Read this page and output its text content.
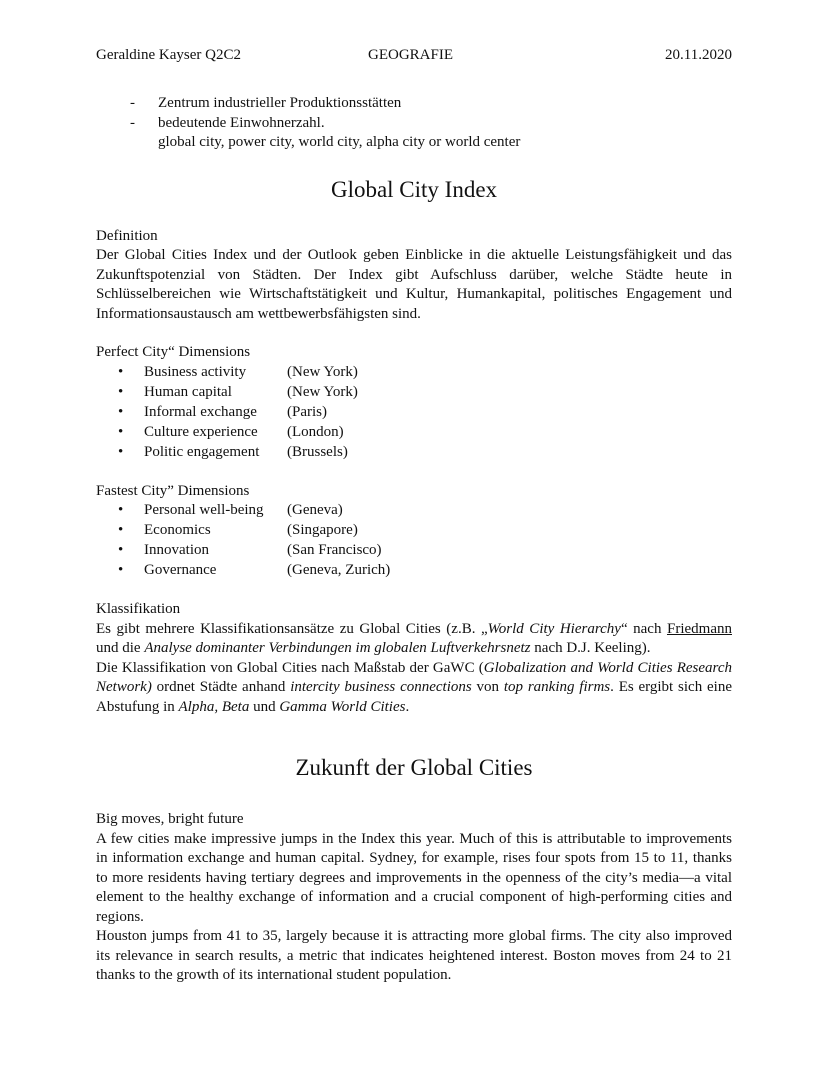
Geraldine Kayser Q2C2	GEOGRAFIE	20.11.2020
- Zentrum industrieller Produktionsstätten
- bedeutende Einwohnerzahl.
global city, power city, world city, alpha city or world center
Global City Index
Definition

Der Global Cities Index und der Outlook geben Einblicke in die aktuelle Leistungsfähigkeit und das Zukunftspotenzial von Städten. Der Index gibt Aufschluss darüber, welche Städte heute in Schlüsselbereichen wie Wirtschaftstätigkeit und Kultur, Humankapital, politisches Engagement und Informationsaustausch am wettbewerbsfähigsten sind.

Perfect City“ Dimensions
• Business activity	(New York)
• Human capital	(New York)
• Informal exchange (Paris)
• Culture experience (London)
• Politic engagement (Brussels)
Fastest City” Dimensions
• Personal well-being (Geneva)
• Economics	(Singapore)
• Innovation	(San Francisco)
• Governance	(Geneva, Zurich)
Klassifikation

Es gibt mehrere Klassifikationsansätze zu Global Cities (z.B. „World City Hierarchy“ nach Friedmann und die Analyse dominanter Verbindungen im globalen Luftverkehrsnetz nach D.J. Keeling).

Die Klassifikation von Global Cities nach Maßstab der GaWC (Globalization and World Cities Research Network) ordnet Städte anhand intercity business connections von top ranking firms. Es ergibt sich eine Abstufung in Alpha, Beta und Gamma World Cities.

Zukunft der Global Cities
Big moves, bright future

A few cities make impressive jumps in the Index this year. Much of this is attributable to improvements in information exchange and human capital. Sydney, for example, rises four spots from 15 to 11, thanks to more residents having tertiary degrees and improvements in the openness of the city’s media—a vital element to the healthy exchange of information and a crucial component of high-performing cities and regions.

Houston jumps from 41 to 35, largely because it is attracting more global firms. The city also improved its relevance in search results, a metric that indicates heightened interest. Boston moves from 24 to 21 thanks to the growth of its international student population.
